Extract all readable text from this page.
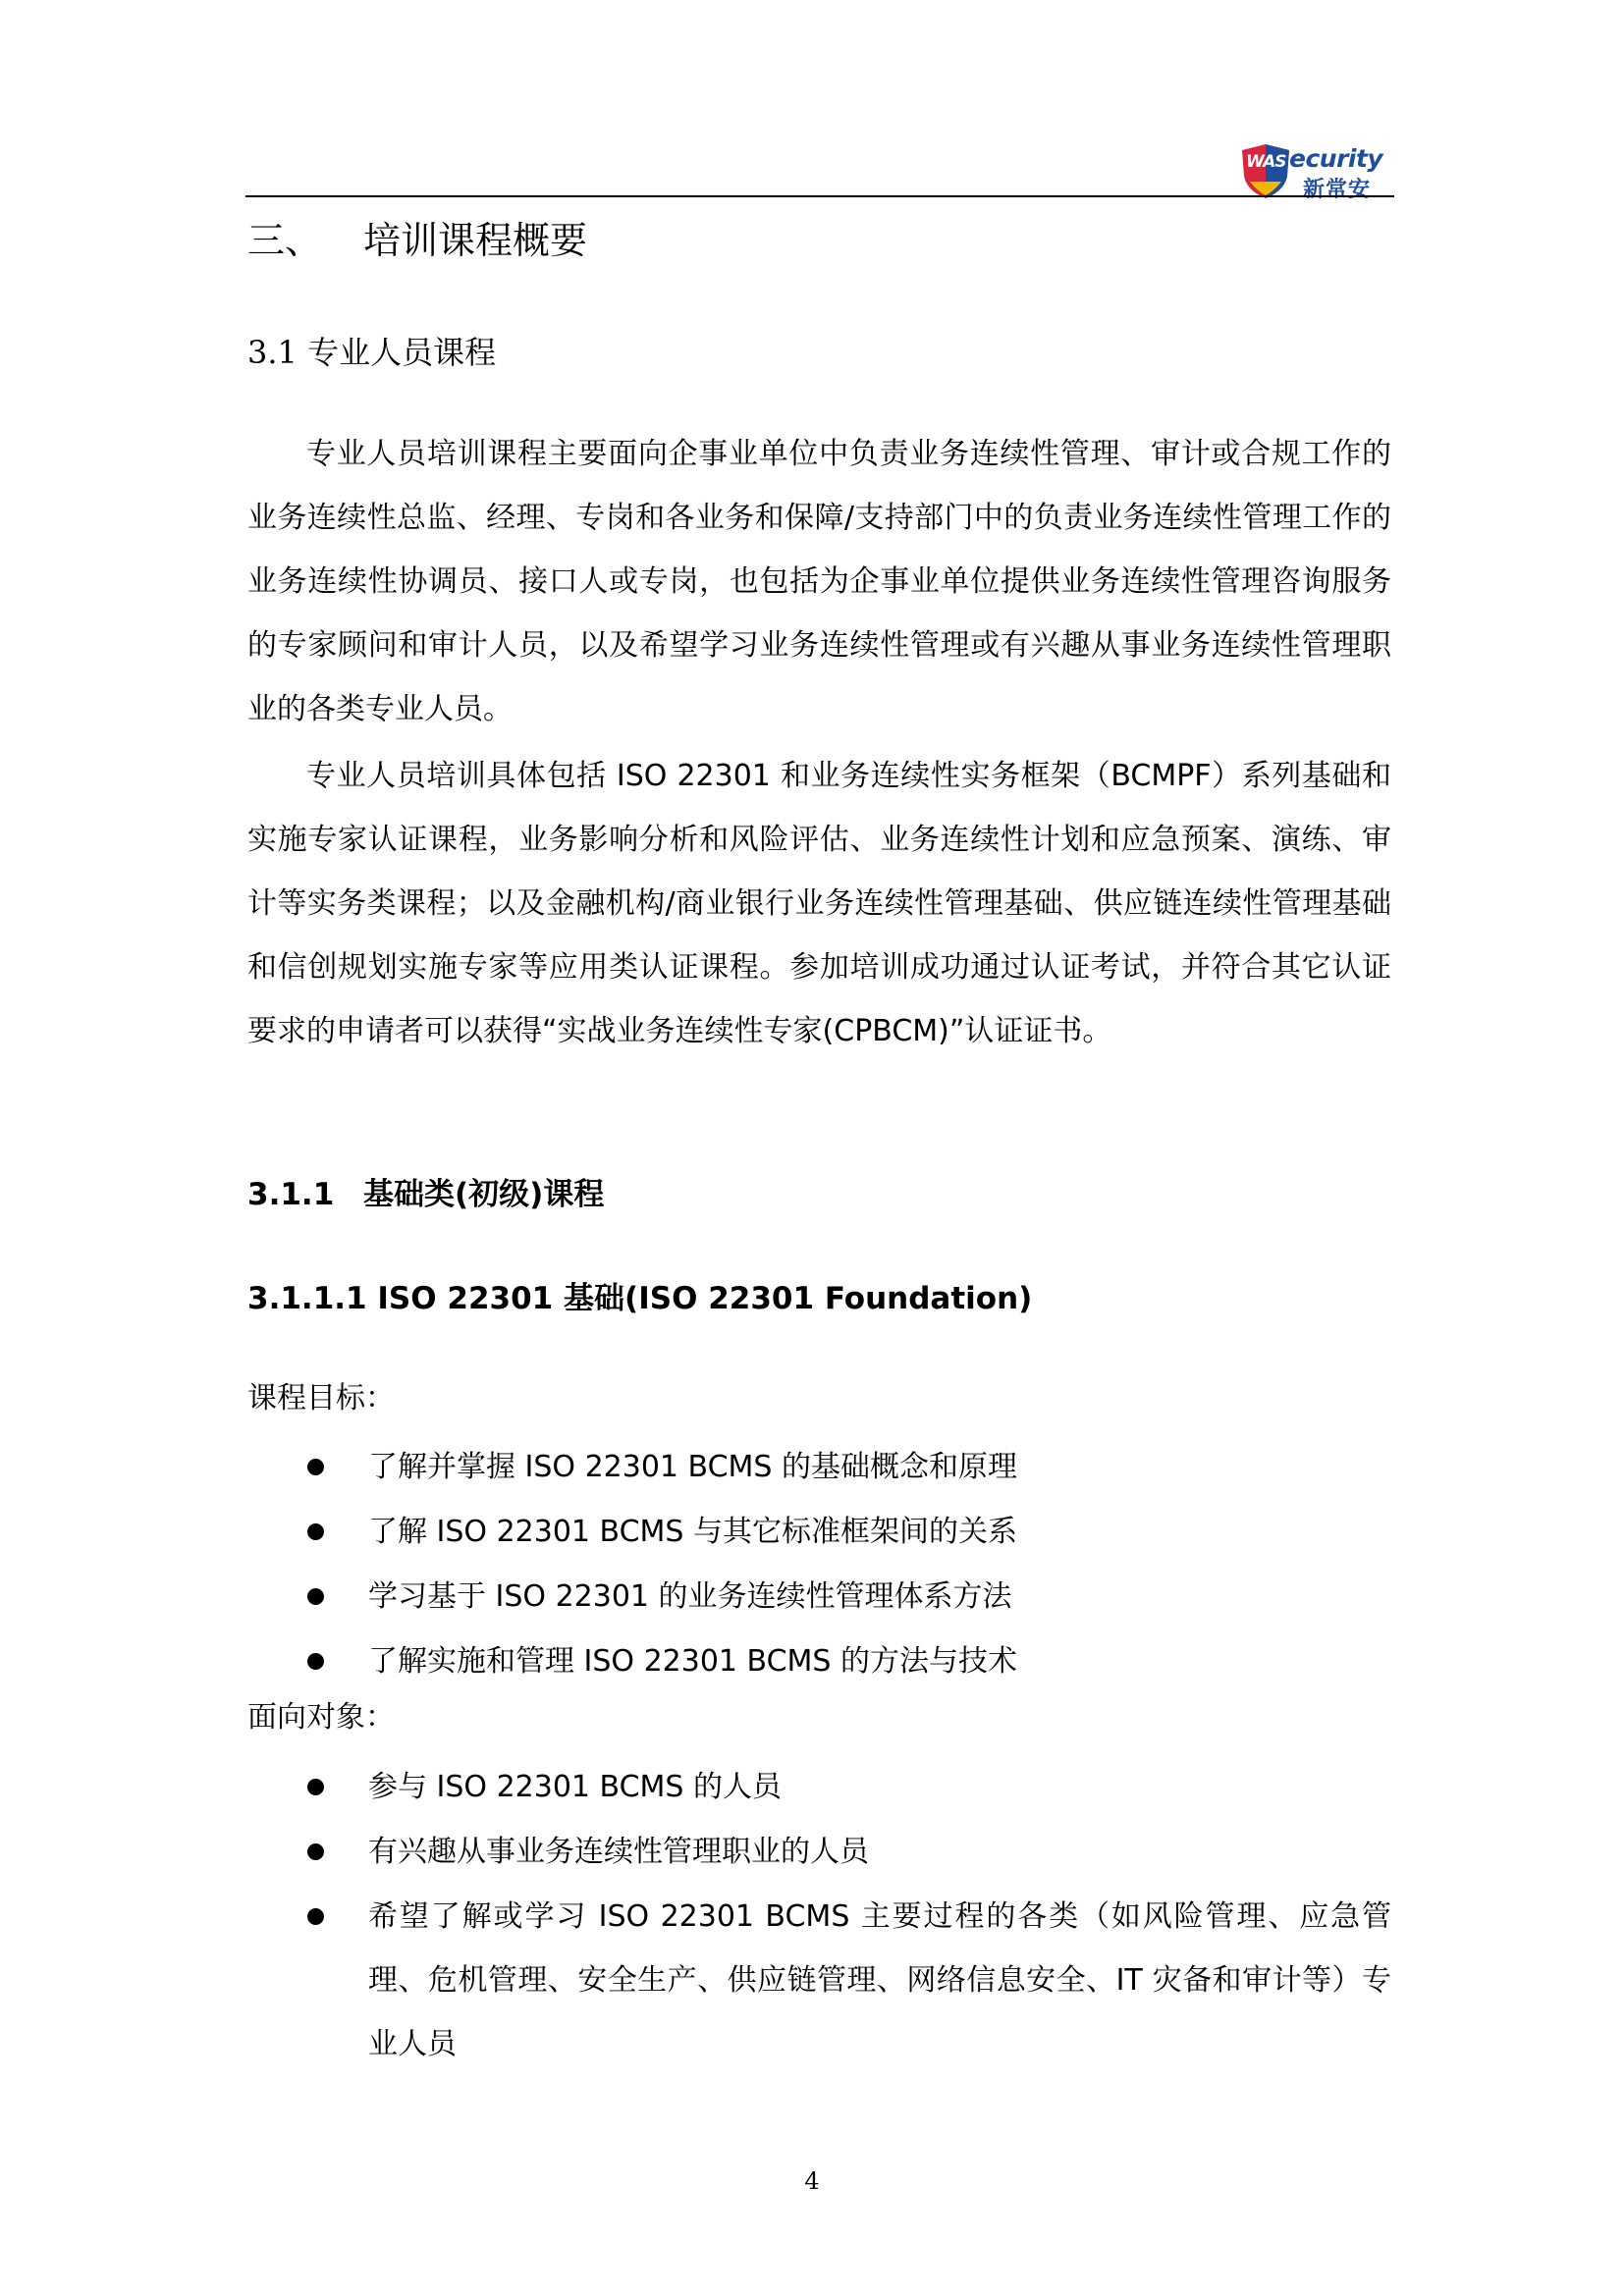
WAS ecurity
新常安
三、 培训课程概要
3.1 专业人员课程

专业人员培训课程主要面向企事业单位中负责业务连续性管理、审计或合规工作的业务连续性总监、经理、专岗和各业务和保障/支持部门中的负责业务连续性管理工作的业务连续性协调员、接口人或专岗，也包括为企事业单位提供业务连续性管理咨询服务的专家顾问和审计人员，以及希望学习业务连续性管理或有兴趣从事业务连续性管理职业的各类专业人员。

专业人员培训具体包括 ISO 22301 和业务连续性实务框架（BCMPF）系列基础和实施专家认证课程，业务影响分析和风险评估、业务连续性计划和应急预案、演练、审计等实务类课程；以及金融机构/商业银行业务连续性管理基础、供应链连续性管理基础和信创规划实施专家等应用类认证课程。参加培训成功通过认证考试，并符合其它认证要求的申请者可以获得“实战业务连续性专家(CPBCM)”认证证书。

3.1.1 基础类(初级)课程
3.1.1.1 ISO 22301 基础(ISO 22301 Foundation)
课程目标：
了解并掌握 ISO 22301 BCMS 的基础概念和原理
了解 ISO 22301 BCMS 与其它标准框架间的关系
学习基于 ISO 22301 的业务连续性管理体系方法
了解实施和管理 ISO 22301 BCMS 的方法与技术
面向对象：
参与 ISO 22301 BCMS 的人员
有兴趣从事业务连续性管理职业的人员
希望了解或学习 ISO 22301 BCMS 主要过程的各类（如风险管理、应急管理、危机管理、安全生产、供应链管理、网络信息安全、IT 灾备和审计等）专业人员
4
